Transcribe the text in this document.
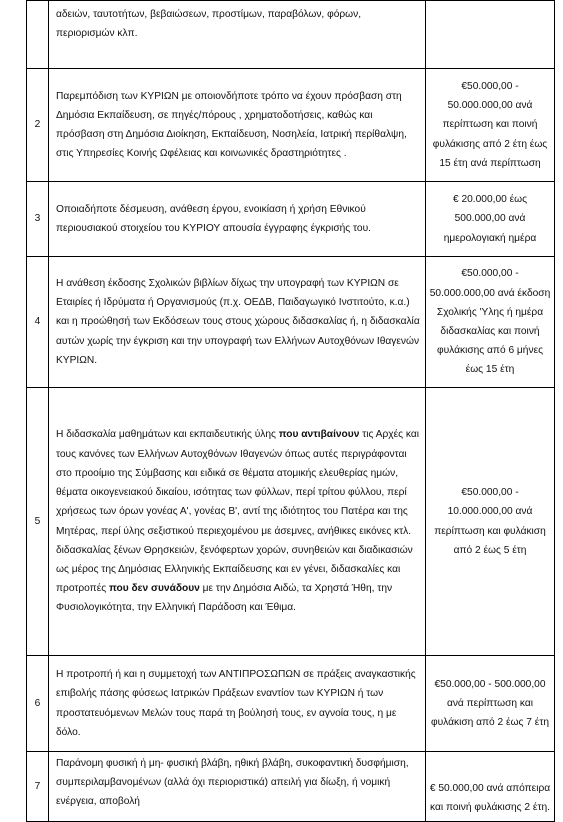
	αδειών, ταυτοτήτων, βεβαιώσεων, προστίμων, παραβόλων, φόρων, περιορισμών κλπ.	
2	Παρεμπόδιση των ΚΥΡΙΩΝ με οποιονδήποτε τρόπο να έχουν πρόσβαση στη Δημόσια Εκπαίδευση, σε πηγές/πόρους , χρηματοδοτήσεις, καθώς και πρόσβαση στη Δημόσια Διοίκηση, Εκπαίδευση, Νοσηλεία, Ιατρική περίθαλψη, στις Υπηρεσίες Κοινής Ωφέλειας και κοινωνικές δραστηριότητες .	€50.000,00 - 50.000.000,00 ανά περίπτωση και ποινή φυλάκισης από 2 έτη έως 15 έτη ανά περίπτωση
3	Οποιαδήποτε δέσμευση, ανάθεση έργου, ενοικίαση ή χρήση Εθνικού περιουσιακού στοιχείου του ΚΥΡΙΟΥ απουσία έγγραφης έγκρισής του.	€ 20.000,00 έως 500.000,00 ανά ημερολογιακή ημέρα
4	Η ανάθεση έκδοσης Σχολικών βιβλίων δίχως την υπογραφή των ΚΥΡΙΩΝ σε Εταιρίες ή Ιδρύματα ή Οργανισμούς (π.χ. ΟΕΔΒ, Παιδαγωγικό Ινστιτούτο, κ.α.) και η προώθησή των Εκδόσεων τους στους χώρους διδασκαλίας ή, η διδασκαλία αυτών χωρίς την έγκριση και την υπογραφή των Ελλήνων Αυτοχθόνων Ιθαγενών ΚΥΡΙΩΝ.	€50.000,00 - 50.000.000,00 ανά έκδοση Σχολικής 'Υλης ή ημέρα διδασκαλίας και ποινή φυλάκισης από 6 μήνες έως 15 έτη
5	Η διδασκαλία μαθημάτων και εκπαιδευτικής ύλης που αντιβαίνουν τις Αρχές και τους κανόνες των Ελλήνων Αυτοχθόνων Ιθαγενών όπως αυτές περιγράφονται στο προοίμιο της Σύμβασης και ειδικά σε θέματα ατομικής ελευθερίας ημών, θέματα οικογενειακού δικαίου, ισότητας των φύλλων, περί τρίτου φύλλου, περί χρήσεως των όρων γονέας Α', γονέας Β', αντί της ιδιότητος του Πατέρα και της Μητέρας, περί ύλης σεξιστικού περιεχομένου με άσεμνες, ανήθικες εικόνες κτλ. διδασκαλίας ξένων Θρησκειών, ξενόφερτων χορών, συνηθειών και διαδικασιών ως μέρος της Δημόσιας Ελληνικής Εκπαίδευσης και εν γένει, διδασκαλίες και προτροπές που δεν συνάδουν με την Δημόσια Αιδώ, τα Χρηστά Ήθη, την Φυσιολογικότητα, την Ελληνική Παράδοση και Έθιμα.	€50.000,00 - 10.000.000,00 ανά περίπτωση και φυλάκιση από 2 έως 5 έτη
6	Η προτροπή ή και η συμμετοχή των ΑΝΤΙΠΡΟΣΩΠΩΝ σε πράξεις αναγκαστικής επιβολής πάσης φύσεως Ιατρικών Πράξεων εναντίον των ΚΥΡΙΩΝ ή των προστατευόμενων Μελών τους παρά τη βούλησή τους, εν αγνοία τους, η με δόλο.	€50.000,00 - 500.000,00 ανά περίπτωση και φυλάκιση από 2 έως 7 έτη
7	Παράνομη φυσική ή μη- φυσική βλάβη, ηθική βλάβη, συκοφαντική δυσφήμιση, συμπεριλαμβανομένων (αλλά όχι περιοριστικά) απειλή για δίωξη, ή νομική ενέργεια, αποβολή	€ 50.000,00 ανά απόπειρα και ποινή φυλάκισης 2 έτη.
